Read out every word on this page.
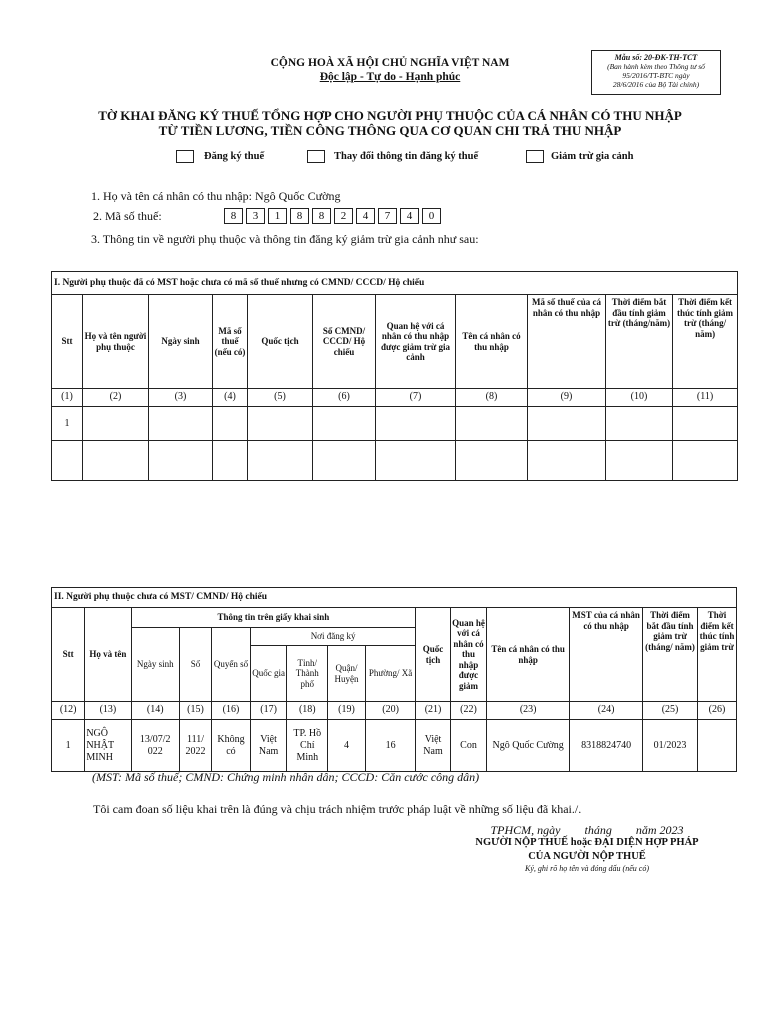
CỘNG HOÀ XÃ HỘI CHỦ NGHĨA VIỆT NAM
Độc lập - Tự do - Hạnh phúc
Mẫu số: 20-ĐK-TH-TCT
(Ban hành kèm theo Thông tư số
95/2016/TT-BTC ngày
28/6/2016 của Bộ Tài chính)
TỜ KHAI ĐĂNG KÝ THUẾ TỔNG HỢP CHO NGƯỜI PHỤ THUỘC CỦA CÁ NHÂN CÓ THU NHẬP
TỪ TIỀN LƯƠNG, TIỀN CÔNG THÔNG QUA CƠ QUAN CHI TRẢ THU NHẬP
Đăng ký thuế	Thay đổi thông tin đăng ký thuế	Giảm trừ gia cảnh
1. Họ và tên cá nhân có thu nhập: Ngô Quốc Cường
2. Mã số thuế:	8	3	1	8	8	2	4	7	4	0
3. Thông tin về người phụ thuộc và thông tin đăng ký giảm trừ gia cảnh như sau:
I. Người phụ thuộc đã có MST hoặc chưa có mã số thuế nhưng có CMND/ CCCD/ Hộ chiếu										
Stt	Họ và tên người phụ thuộc	Ngày sinh	Mã số thuế (nếu có)	Quốc tịch	Số CMND/ CCCD/ Hộ chiếu	Quan hệ với cá nhân có thu nhập được giảm trừ gia cảnh	Tên cá nhân có thu nhập	Mã số thuế của cá nhân có thu nhập	Thời điểm bắt đầu tính giảm trừ (tháng/năm)	Thời điểm kết thúc tính giảm trừ (tháng/ năm)
(1)	(2)	(3)	(4)	(5)	(6)	(7)	(8)	(9)	(10)	(11)
1										

II. Người phụ thuộc chưa có MST/ CMND/ Hộ chiếu														
Stt	Họ và tên	Thông tin trên giấy khai sinh							Quốc tịch	Quan hệ với cá nhân có thu nhập được giảm	Tên cá nhân có thu nhập	MST của cá nhân có thu nhập	Thời điểm bắt đầu tính giảm trừ (tháng/ năm)	Thời điểm kết thúc tính giảm trừ
		Ngày sinh	Số	Quyển số	Nơi đăng ký									
					Quốc gia	Tỉnh/ Thành phố	Quận/ Huyện	Phường/ Xã						
(12)	(13)	(14)	(15)	(16)	(17)	(18)	(19)	(20)	(21)	(22)	(23)	(24)	(25)	(26)
1	NGÔ NHẬT MINH	13/07/2 022	111/ 2022	Không có	Việt Nam	TP. Hồ Chí Minh	4	16	Việt Nam	Con	Ngô Quốc Cường	8318824740	01/2023	
(MST: Mã số thuế; CMND: Chứng minh nhân dân; CCCD: Căn cước công dân)
Tôi cam đoan số liệu khai trên là đúng và chịu trách nhiệm trước pháp luật về những số liệu đã khai./.
TPHCM, ngày        tháng        năm 2023
NGƯỜI NỘP THUẾ hoặc ĐẠI DIỆN HỢP PHÁP
CỦA NGƯỜI NỘP THUẾ
Ký, ghi rõ họ tên và đóng dấu (nếu có)
